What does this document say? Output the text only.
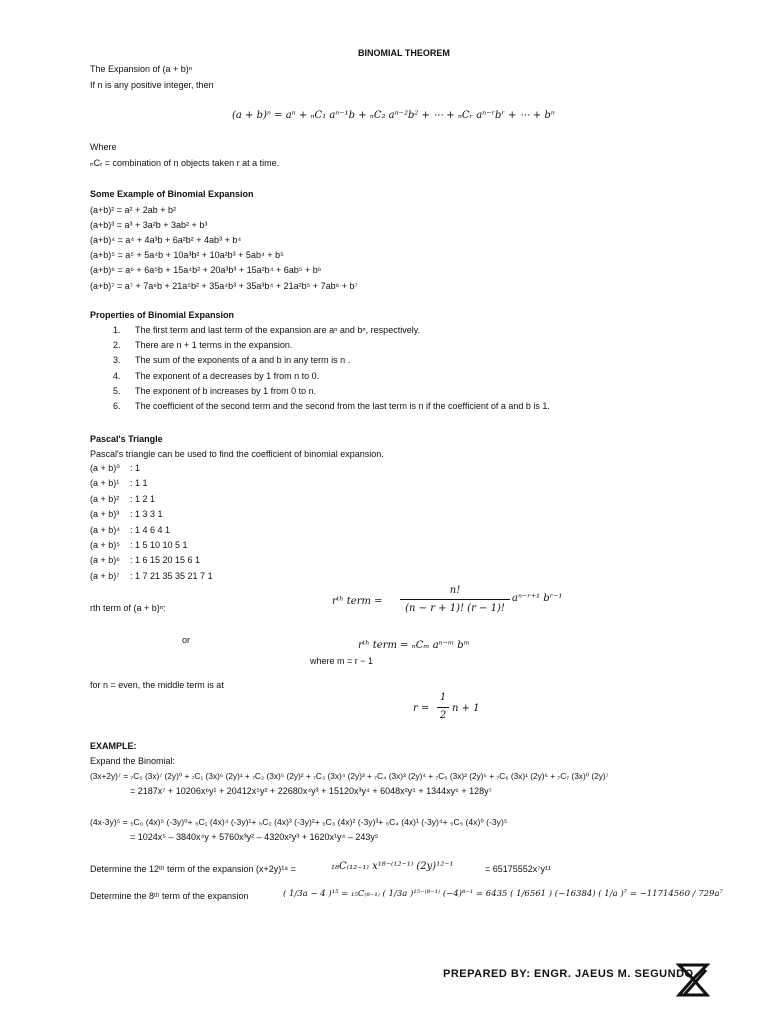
BINOMIAL THEOREM
The Expansion of (a + b)ⁿ
If n is any positive integer, then
(a + b)ⁿ = aⁿ + ₙC₁ aⁿ⁻¹b + ₙC₂ aⁿ⁻²b² + ⋯ + ₙCᵣ aⁿ⁻ʳbʳ + ⋯ + bⁿ
Where
ₙCᵣ = combination of n objects taken r at a time.
Some Example of Binomial Expansion
(a+b)² = a² + 2ab + b²
(a+b)³ = a³ + 3a²b + 3ab² + b³
(a+b)⁴ = a⁴ + 4a³b + 6a²b² + 4ab³ + b⁴
(a+b)⁵ = a⁵ + 5a⁴b + 10a³b² + 10a²b³ + 5ab⁴ + b⁵
(a+b)⁶ = a⁶ + 6a⁵b + 15a⁴b² + 20a³b³ + 15a²b⁴ + 6ab⁵ + b⁶
(a+b)⁷ = a⁷ + 7a⁶b + 21a⁵b² + 35a⁴b³ + 35a³b⁴ + 21a²b⁵ + 7ab⁶ + b⁷
Properties of Binomial Expansion
1. The first term and last term of the expansion are aⁿ and bⁿ, respectively.
2. There are n + 1 terms in the expansion.
3. The sum of the exponents of a and b in any term is n .
4. The exponent of a decreases by 1 from n to 0.
5. The exponent of b increases by 1 from 0 to n.
6. The coefficient of the second term and the second from the last term is n if the coefficient of a and b is 1.
Pascal's Triangle
Pascal's triangle can be used to find the coefficient of binomial expansion.
(a + b)⁰ : 1
(a + b)¹ : 1 1
(a + b)² : 1 2 1
(a + b)³ : 1 3 3 1
(a + b)⁴ : 1 4 6 4 1
(a + b)⁵ : 1 5 10 10 5 1
(a + b)⁶ : 1 6 15 20 15 6 1
(a + b)⁷ : 1 7 21 35 35 21 7 1
rth term of (a + b)ⁿ:
rᵗʰ term =
n!
(n − r + 1)! (r − 1)!
aⁿ⁻ʳ⁺¹ bʳ⁻¹
or	rᵗʰ term = ₙCₘ aⁿ⁻ᵐ bᵐ
where m = r − 1
for n = even, the middle term is at
r =
1
2
n + 1
EXAMPLE:
Expand the Binomial:
(3x+2y)⁷ = ₇C₀ (3x)⁷ (2y)⁰ + ₇C₁ (3x)⁶ (2y)¹ + ₇C₂ (3x)⁵ (2y)² + ₇C₃ (3x)⁴ (2y)³ + ₇C₄ (3x)³ (2y)⁴ + ₇C₅ (3x)² (2y)⁵ + ₇C₆ (3x)¹ (2y)⁶ + ₇C₇ (3x)⁰ (2y)⁷
= 2187x⁷ + 10206x⁶y¹ + 20412x⁵y² + 22680x⁴y³ + 15120x³y⁴ + 6048x²y⁵ + 1344xy⁶ + 128y⁷
(4x-3y)⁵ = ₅C₀ (4x)⁵ (-3y)⁰+ ₅C₁ (4x)⁴ (-3y)¹+ ₅C₂ (4x)³ (-3y)²+ ₅C₃ (4x)² (-3y)³+ ₅C₄ (4x)¹ (-3y)⁴+ ₅C₅ (4x)⁰ (-3y)⁵
= 1024x⁵ – 3840x⁴y + 5760x³y² – 4320x²y³ + 1620x¹y⁴ – 243y⁵
Determine the 12ᵗʰ term of the expansion (x+2y)¹⁸ =	₁₈C₍₁₂₋₁₎ x¹⁸⁻⁽¹²⁻¹⁾ (2y)¹²⁻¹	= 65175552x⁷y¹¹
Determine the 8ᵗʰ term of the expansion	( 1/3a − 4 )¹⁵ = ₁₅C₍₈₋₁₎ ( 1/3a )¹⁵⁻⁽⁸⁻¹⁾ (−4)⁸⁻¹ = 6435 ( 1/6561 ) (−16384) ( 1/a )⁷ = −11714560 / 729a⁷
PREPARED BY: ENGR. JAEUS M. SEGUNDO
